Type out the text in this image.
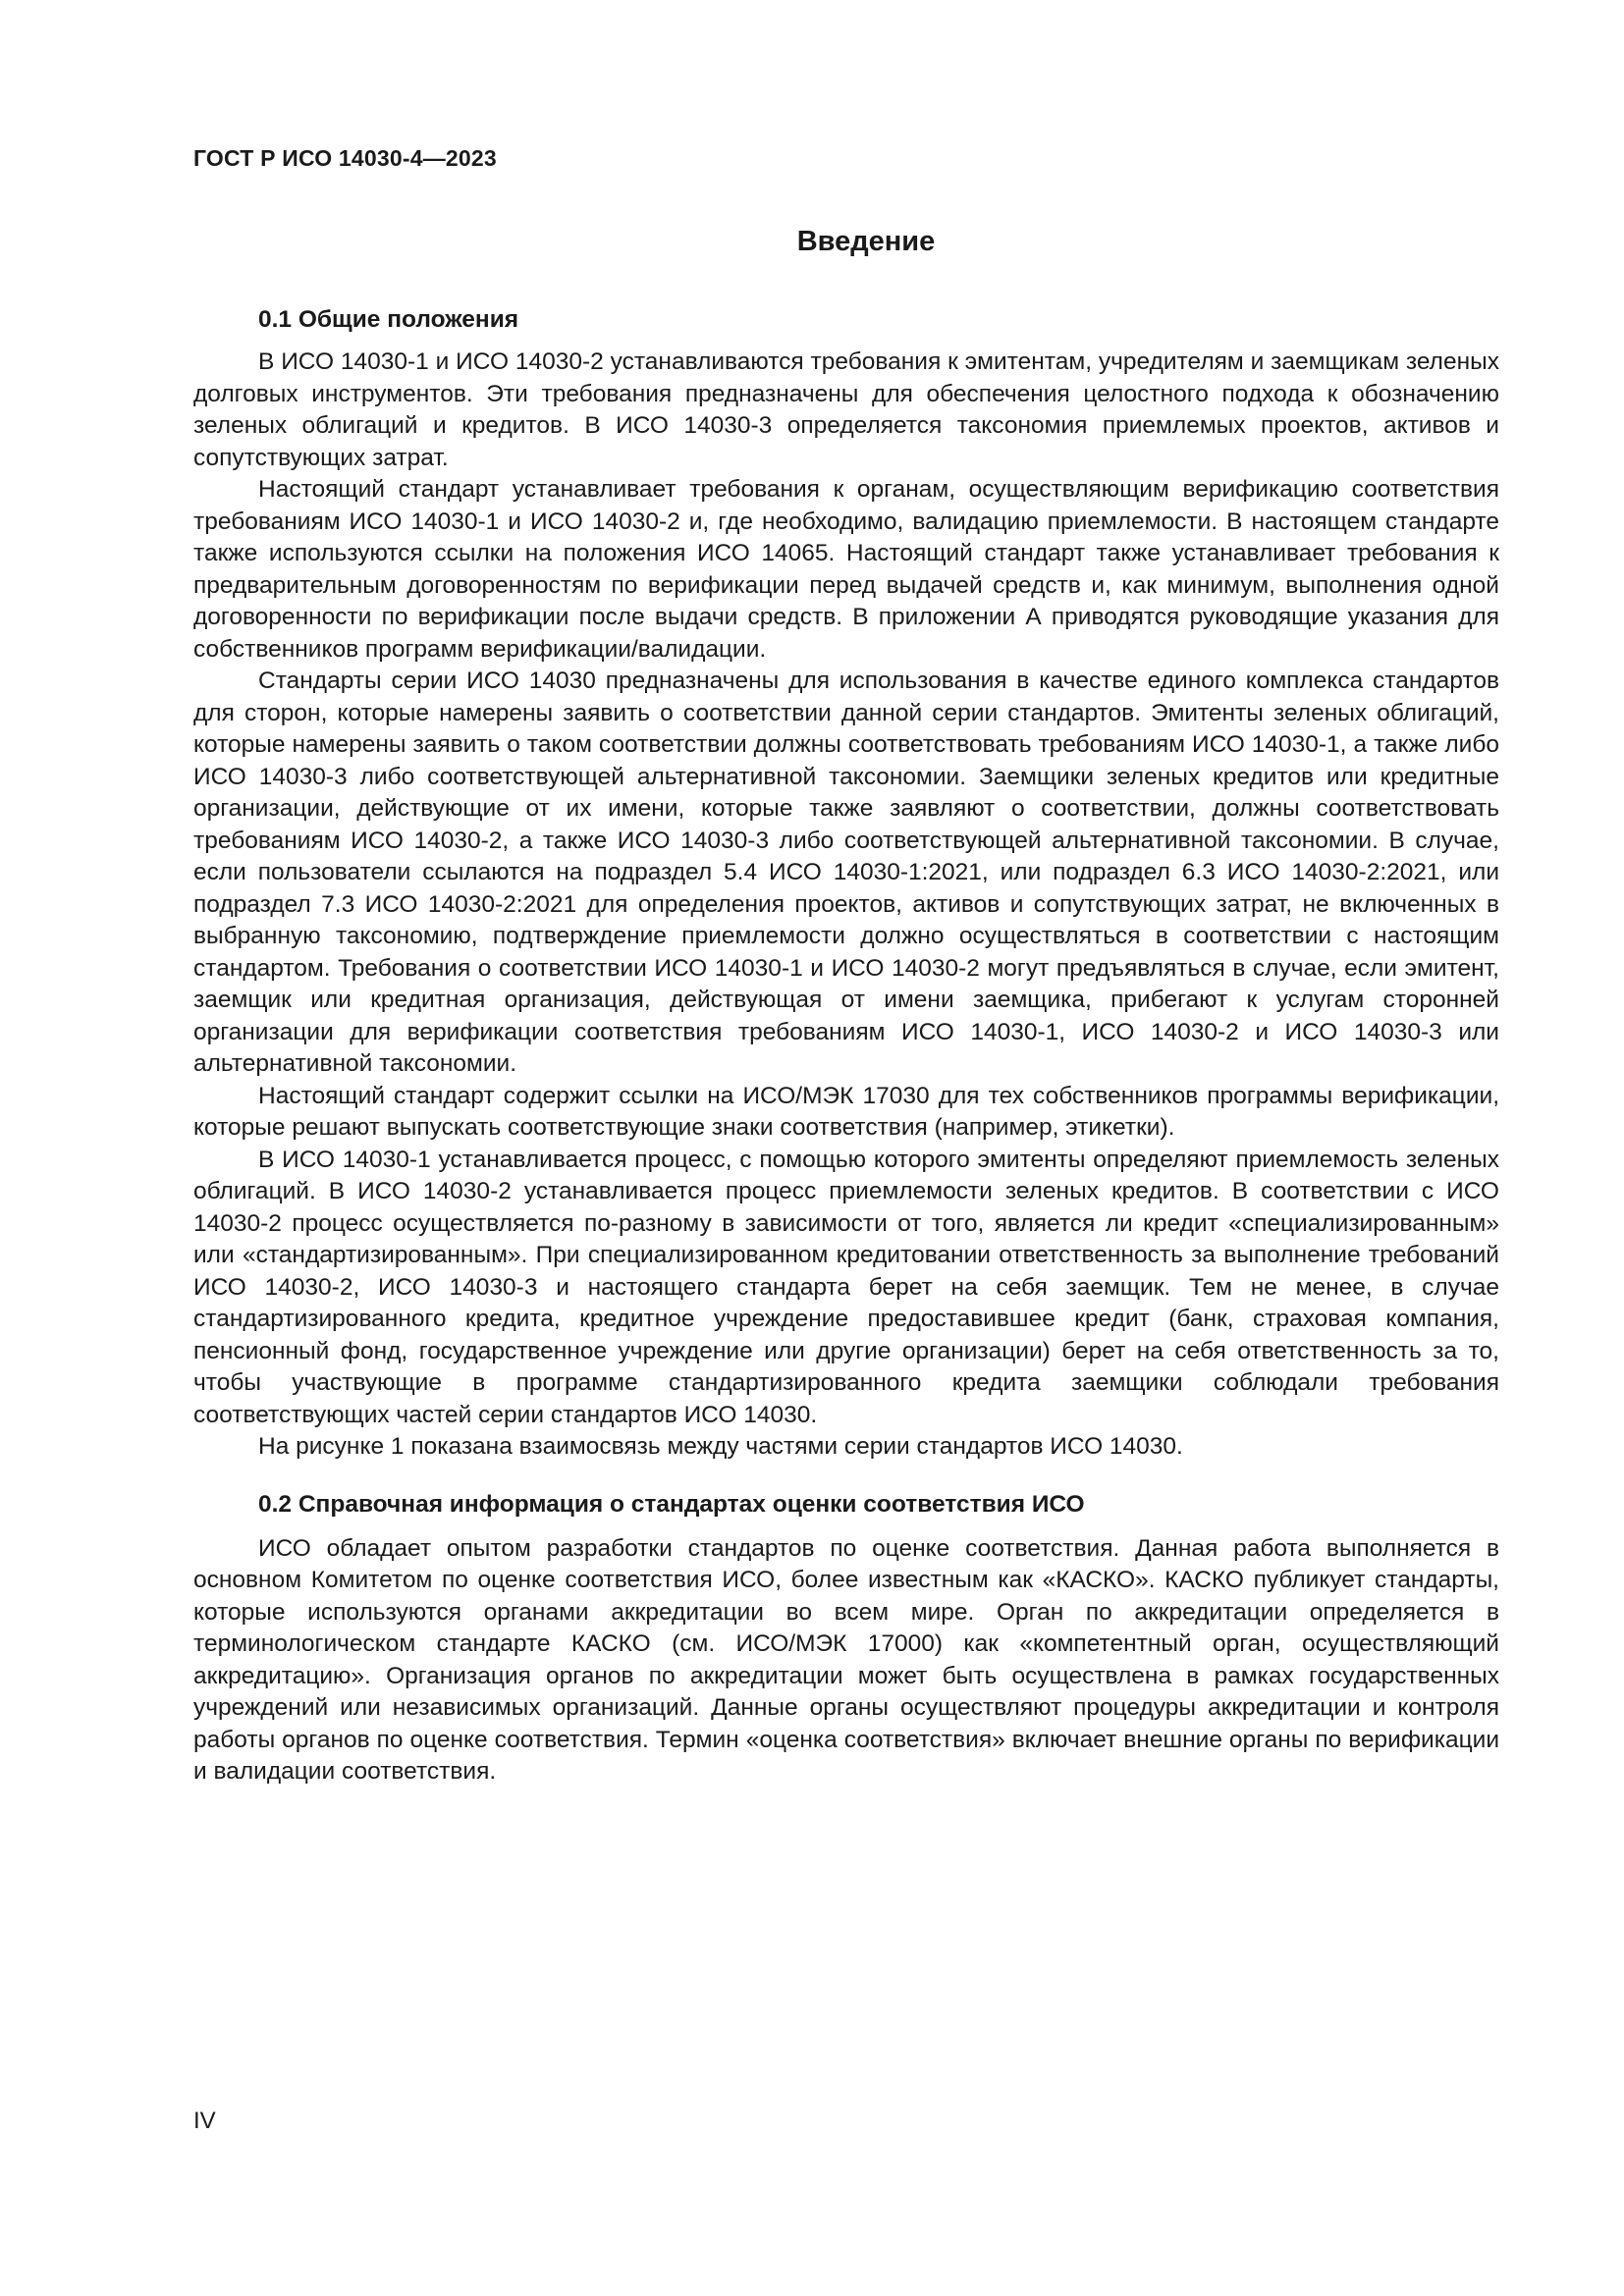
ГОСТ Р ИСО 14030-4—2023
Введение
0.1 Общие положения

В ИСО 14030-1 и ИСО 14030-2 устанавливаются требования к эмитентам, учредителям и заемщикам зеленых долговых инструментов. Эти требования предназначены для обеспечения целостного подхода к обозначению зеленых облигаций и кредитов. В ИСО 14030-3 определяется таксономия приемлемых проектов, активов и сопутствующих затрат.

Настоящий стандарт устанавливает требования к органам, осуществляющим верификацию соответствия требованиям ИСО 14030-1 и ИСО 14030-2 и, где необходимо, валидацию приемлемости. В настоящем стандарте также используются ссылки на положения ИСО 14065. Настоящий стандарт также устанавливает требования к предварительным договоренностям по верификации перед выдачей средств и, как минимум, выполнения одной договоренности по верификации после выдачи средств. В приложении А приводятся руководящие указания для собственников программ верификации/валидации.

Стандарты серии ИСО 14030 предназначены для использования в качестве единого комплекса стандартов для сторон, которые намерены заявить о соответствии данной серии стандартов. Эмитенты зеленых облигаций, которые намерены заявить о таком соответствии должны соответствовать требованиям ИСО 14030-1, а также либо ИСО 14030-3 либо соответствующей альтернативной таксономии. Заемщики зеленых кредитов или кредитные организации, действующие от их имени, которые также заявляют о соответствии, должны соответствовать требованиям ИСО 14030-2, а также ИСО 14030-3 либо соответствующей альтернативной таксономии. В случае, если пользователи ссылаются на подраздел 5.4 ИСО 14030-1:2021, или подраздел 6.3 ИСО 14030-2:2021, или подраздел 7.3 ИСО 14030-2:2021 для определения проектов, активов и сопутствующих затрат, не включенных в выбранную таксономию, подтверждение приемлемости должно осуществляться в соответствии с настоящим стандартом. Требования о соответствии ИСО 14030-1 и ИСО 14030-2 могут предъявляться в случае, если эмитент, заемщик или кредитная организация, действующая от имени заемщика, прибегают к услугам сторонней организации для верификации соответствия требованиям ИСО 14030-1, ИСО 14030-2 и ИСО 14030-3 или альтернативной таксономии.

Настоящий стандарт содержит ссылки на ИСО/МЭК 17030 для тех собственников программы верификации, которые решают выпускать соответствующие знаки соответствия (например, этикетки).

В ИСО 14030-1 устанавливается процесс, с помощью которого эмитенты определяют приемлемость зеленых облигаций. В ИСО 14030-2 устанавливается процесс приемлемости зеленых кредитов. В соответствии с ИСО 14030-2 процесс осуществляется по-разному в зависимости от того, является ли кредит «специализированным» или «стандартизированным». При специализированном кредитовании ответственность за выполнение требований ИСО 14030-2, ИСО 14030-3 и настоящего стандарта берет на себя заемщик. Тем не менее, в случае стандартизированного кредита, кредитное учреждение предоставившее кредит (банк, страховая компания, пенсионный фонд, государственное учреждение или другие организации) берет на себя ответственность за то, чтобы участвующие в программе стандартизированного кредита заемщики соблюдали требования соответствующих частей серии стандартов ИСО 14030.

На рисунке 1 показана взаимосвязь между частями серии стандартов ИСО 14030.

0.2 Справочная информация о стандартах оценки соответствия ИСО

ИСО обладает опытом разработки стандартов по оценке соответствия. Данная работа выполняется в основном Комитетом по оценке соответствия ИСО, более известным как «КАСКО». КАСКО публикует стандарты, которые используются органами аккредитации во всем мире. Орган по аккредитации определяется в терминологическом стандарте КАСКО (см. ИСО/МЭК 17000) как «компетентный орган, осуществляющий аккредитацию». Организация органов по аккредитации может быть осуществлена в рамках государственных учреждений или независимых организаций. Данные органы осуществляют процедуры аккредитации и контроля работы органов по оценке соответствия. Термин «оценка соответствия» включает внешние органы по верификации и валидации соответствия.

IV
